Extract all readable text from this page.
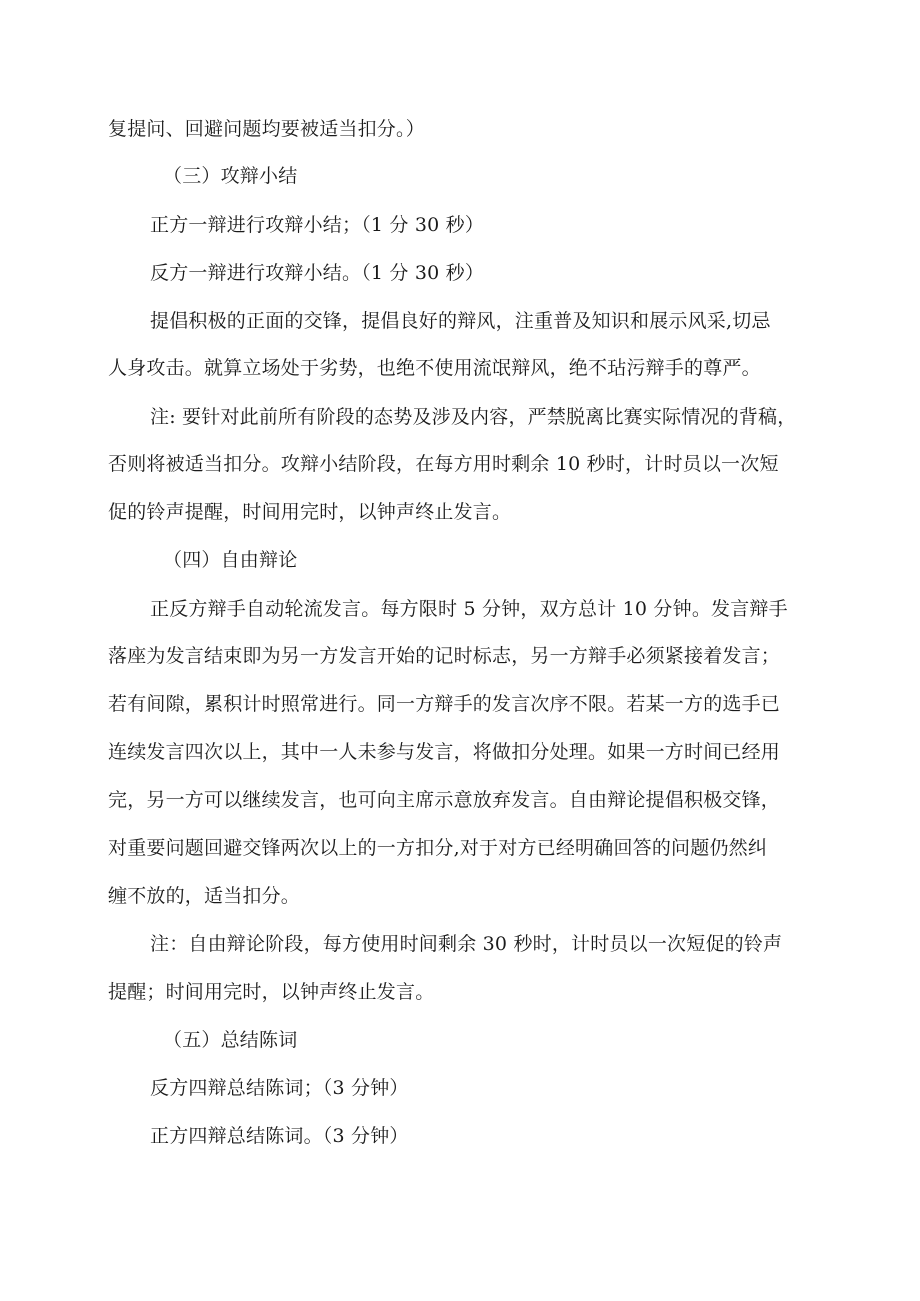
复提问、回避问题均要被适当扣分。）
（三）攻辩小结
正方一辩进行攻辩小结；（1 分 30 秒）
反方一辩进行攻辩小结。（1 分 30 秒）
提倡积极的正面的交锋，提倡良好的辩风，注重普及知识和展示风采,切忌
人身攻击。就算立场处于劣势，也绝不使用流氓辩风，绝不玷污辩手的尊严。
注: 要针对此前所有阶段的态势及涉及内容，严禁脱离比赛实际情况的背稿，
否则将被适当扣分。攻辩小结阶段，在每方用时剩余 10 秒时，计时员以一次短
促的铃声提醒，时间用完时，以钟声终止发言。
（四）自由辩论
正反方辩手自动轮流发言。每方限时 5 分钟，双方总计 10 分钟。发言辩手
落座为发言结束即为另一方发言开始的记时标志，另一方辩手必须紧接着发言；
若有间隙，累积计时照常进行。同一方辩手的发言次序不限。若某一方的选手已
连续发言四次以上，其中一人未参与发言，将做扣分处理。如果一方时间已经用
完，另一方可以继续发言，也可向主席示意放弃发言。自由辩论提倡积极交锋，
对重要问题回避交锋两次以上的一方扣分,对于对方已经明确回答的问题仍然纠
缠不放的，适当扣分。
注：自由辩论阶段，每方使用时间剩余 30 秒时，计时员以一次短促的铃声
提醒；时间用完时，以钟声终止发言。
（五）总结陈词
反方四辩总结陈词；（3 分钟）
正方四辩总结陈词。（3 分钟）
